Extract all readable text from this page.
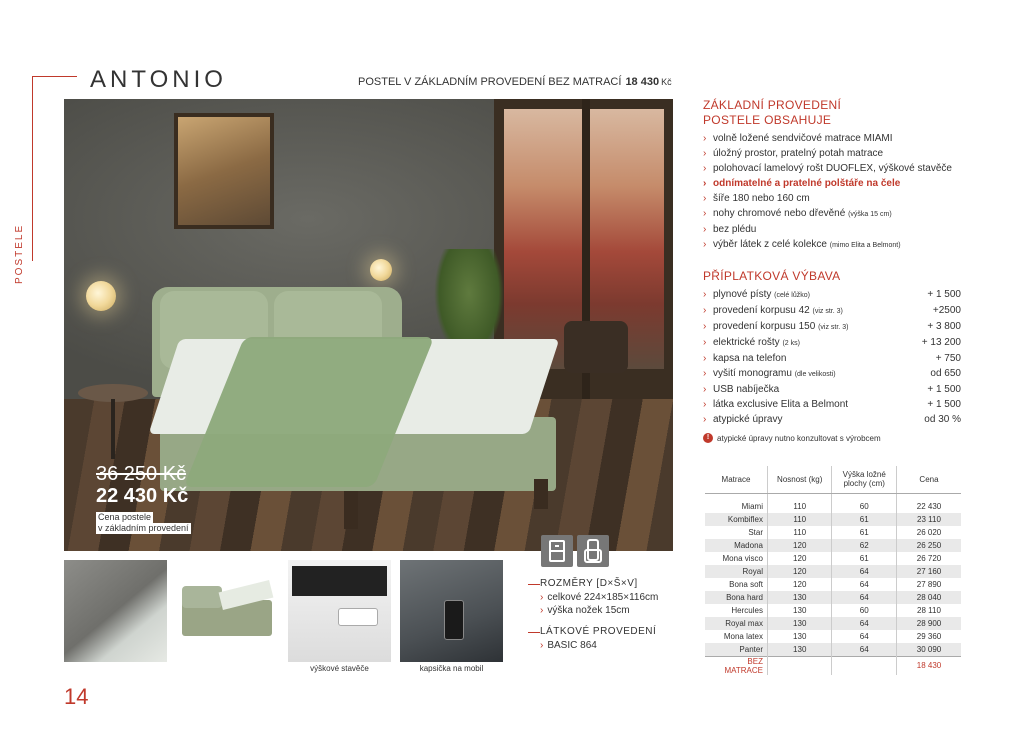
POSTELE
ANTONIO	POSTEL V ZÁKLADNÍM PROVEDENÍ BEZ MATRACÍ 18 430 Kč
36 250 Kč
22 430 Kč
Cena postele
v základním provedení
výškové stavěče	kapsička na mobil
ROZMĚRY [D×Š×V]
› celkové 224×185×116cm
› výška nožek 15cm
LÁTKOVÉ PROVEDENÍ
› BASIC 864
ZÁKLADNÍ PROVEDENÍ
POSTELE OBSAHUJE
› volně ložené sendvičové matrace MIAMI
› úložný prostor, pratelný potah matrace
› polohovací lamelový rošt DUOFLEX, výškové stavěče
› odnímatelné a pratelné polštáře na čele
› šíře 180 nebo 160 cm
› nohy chromové nebo dřevěné (výška 15 cm)
› bez plédu
› výběr látek z celé kolekce (mimo Elita a Belmont)
PŘÍPLATKOVÁ VÝBAVA
› plynové písty (celé lůžko)	+ 1 500
› provedení korpusu 42 (viz str. 3)	+2500
› provedení korpusu 150 (viz str. 3)	+ 3 800
› elektrické rošty (2 ks)	+ 13 200
› kapsa na telefon	+ 750
› vyšití monogramu (dle velikosti)	od 650
› USB nabíječka	+ 1 500
› látka exclusive Elita a Belmont	+ 1 500
› atypické úpravy	od 30 %
! atypické úpravy nutno konzultovat s výrobcem
Matrace	Nosnost (kg)	Výška ložné plochy (cm)	Cena

Miami	110	60	22 430
Kombiflex	110	61	23 110
Star	110	61	26 020
Madona	120	62	26 250
Mona visco	120	61	26 720
Royal	120	64	27 160
Bona soft	120	64	27 890
Bona hard	130	64	28 040
Hercules	130	60	28 110
Royal max	130	64	28 900
Mona latex	130	64	29 360
Panter	130	64	30 090
BEZ MATRACE			18 430
14
